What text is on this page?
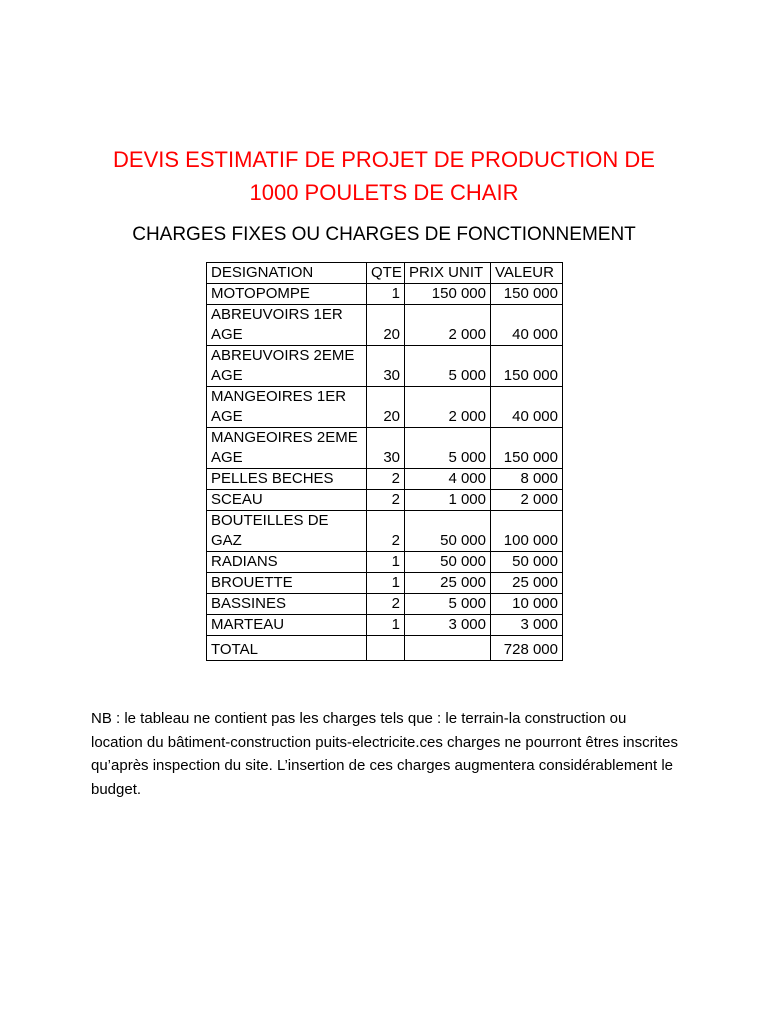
DEVIS ESTIMATIF DE PROJET DE PRODUCTION DE
1000 POULETS DE CHAIR
CHARGES FIXES OU CHARGES DE FONCTIONNEMENT
DESIGNATION	QTE	PRIX UNIT	VALEUR
MOTOPOMPE	1	150 000	150 000
ABREUVOIRS 1ER AGE	20	2 000	40 000
ABREUVOIRS 2EME AGE	30	5 000	150 000
MANGEOIRES 1ER AGE	20	2 000	40 000
MANGEOIRES 2EME AGE	30	5 000	150 000
PELLES BECHES	2	4 000	8 000
SCEAU	2	1 000	2 000
BOUTEILLES DE GAZ	2	50 000	100 000
RADIANS	1	50 000	50 000
BROUETTE	1	25 000	25 000
BASSINES	2	5 000	10 000
MARTEAU	1	3 000	3 000
TOTAL			728 000

NB : le tableau ne contient pas les charges tels que : le terrain-la construction ou location du bâtiment-construction puits-electricite.ces charges ne pourront êtres inscrites qu’après inspection du site. L’insertion de ces charges augmentera considérablement le budget.
